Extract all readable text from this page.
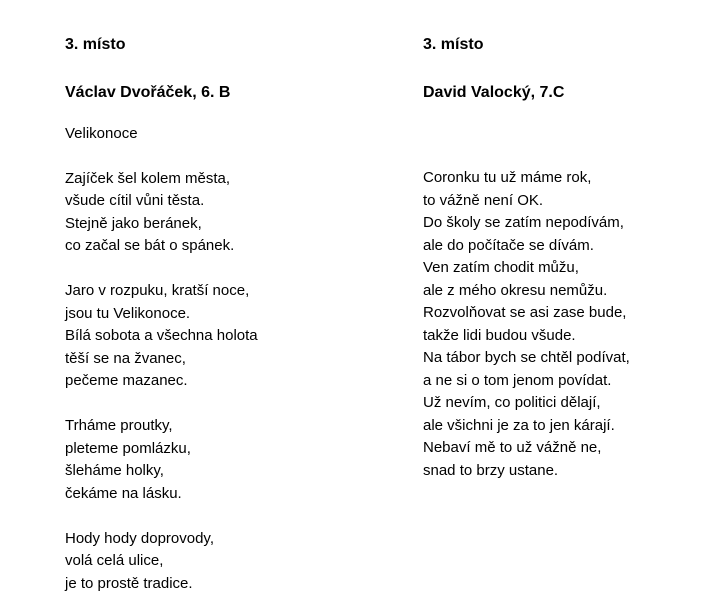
3. místo
Václav Dvořáček, 6. B
Velikonoce
Zajíček šel kolem města,
všude cítil vůni těsta.
Stejně jako beránek,
co začal se bát o spánek.
Jaro v rozpuku, kratší noce,
jsou tu Velikonoce.
Bílá sobota a všechna holota
těší se na žvanec,
pečeme mazanec.
Trháme proutky,
pleteme pomlázku,
šleháme holky,
čekáme na lásku.
Hody hody doprovody,
volá celá ulice,
je to prostě tradice.
3. místo
David Valocký, 7.C
Coronku tu už máme rok,
to vážně není OK.
Do školy se zatím nepodívám,
ale do počítače se dívám.
Ven zatím chodit můžu,
ale z mého okresu nemůžu.
Rozvolňovat se asi zase bude,
takže lidi budou všude.
Na tábor bych se chtěl podívat,
a ne si o tom jenom povídat.
Už nevím, co politici dělají,
ale všichni je za to jen kárají.
Nebaví mě to už vážně ne,
snad to brzy ustane.
